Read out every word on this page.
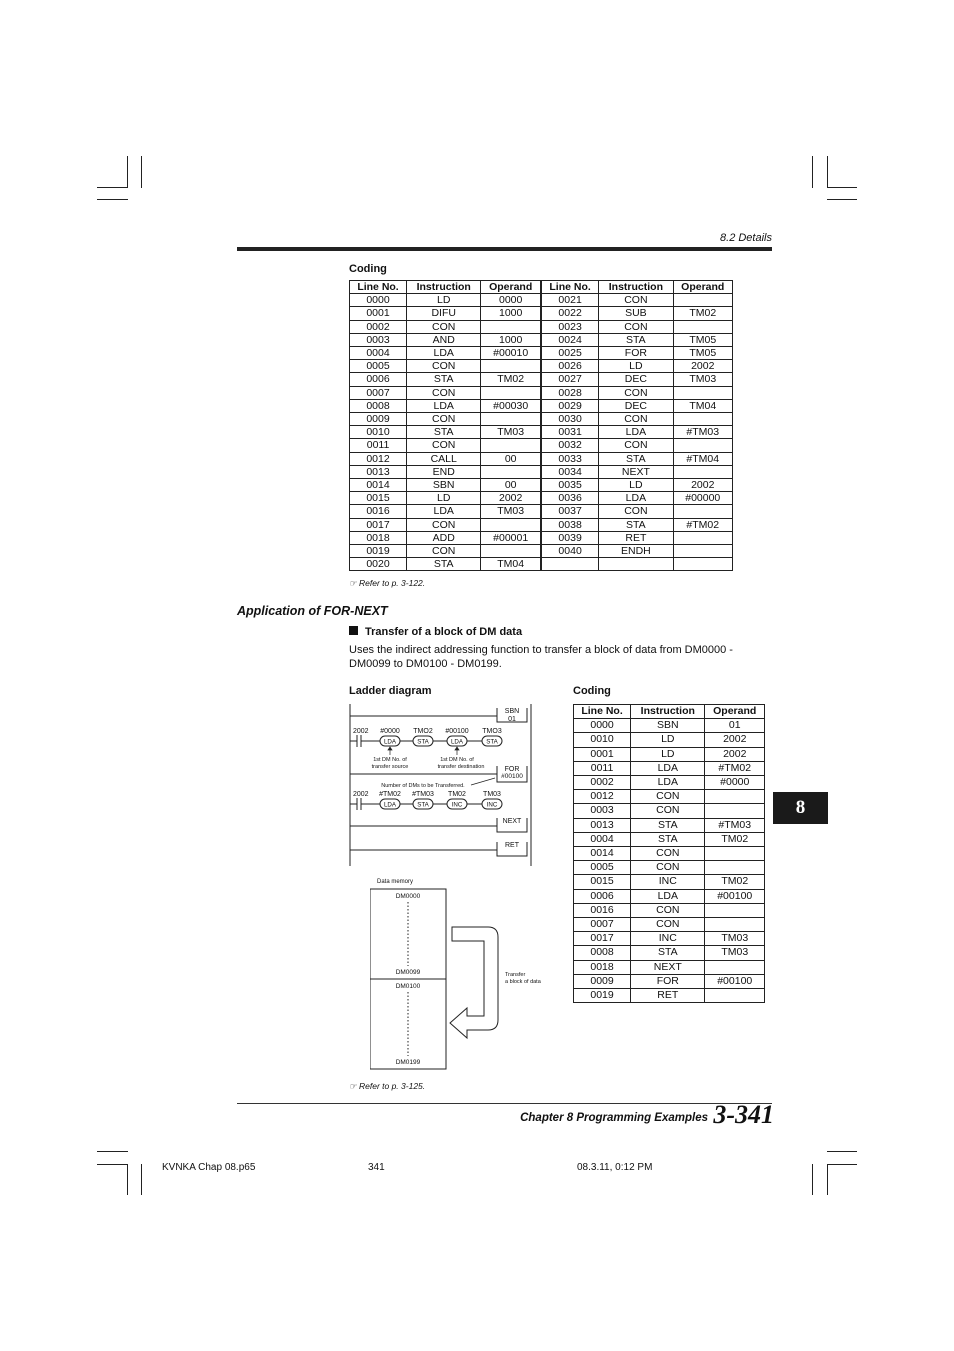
8.2 Details
Coding
Line No.	Instruction	Operand	Line No.	Instruction	Operand
0000	LD	0000	0021	CON	
0001	DIFU	1000	0022	SUB	TM02
0002	CON		0023	CON	
0003	AND	1000	0024	STA	TM05
0004	LDA	#00010	0025	FOR	TM05
0005	CON		0026	LD	2002
0006	STA	TM02	0027	DEC	TM03
0007	CON		0028	CON	
0008	LDA	#00030	0029	DEC	TM04
0009	CON		0030	CON	
0010	STA	TM03	0031	LDA	#TM03
0011	CON		0032	CON	
0012	CALL	00	0033	STA	#TM04
0013	END		0034	NEXT	
0014	SBN	00	0035	LD	2002
0015	LD	2002	0036	LDA	#00000
0016	LDA	TM03	0037	CON	
0017	CON		0038	STA	#TM02
0018	ADD	#00001	0039	RET	
0019	CON		0040	ENDH	
0020	STA	TM04			
☞ Refer to p. 3-122.
Application of FOR-NEXT
Transfer of a block of DM data
Uses the indirect addressing function to transfer a block of data from DM0000 - DM0099 to DM0100 - DM0199.
Ladder diagram	Coding
LDA	STA	LDA	STA
LDA	STA	INC	INC
2002 #0000 TMO2 #00100 TMO3
2002 #TM02 #TM03 TM02 TM03
SBN
01
FOR
#00100
NEXT
RET
1st DM No. of
transfer source
1st DM No. of
transfer destination
Number of DMs to be Transferred.
Data memory
DM0000
DM0099
DM0100
DM0199
Transfer
a block of data
Line No.	Instruction	Operand
0000	SBN	01
0010	LD	2002
0001	LD	2002
0011	LDA	#TM02
0002	LDA	#0000
0012	CON	
0003	CON	
0013	STA	#TM03
0004	STA	TM02
0014	CON	
0005	CON	
0015	INC	TM02
0006	LDA	#00100
0016	CON	
0007	CON	
0017	INC	TM03
0008	STA	TM03
0018	NEXT	
0009	FOR	#00100
0019	RET	
☞ Refer to p. 3-125.
8
Chapter 8 Programming Examples 3-341
KVNKA Chap 08.p65	341	08.3.11, 0:12 PM
